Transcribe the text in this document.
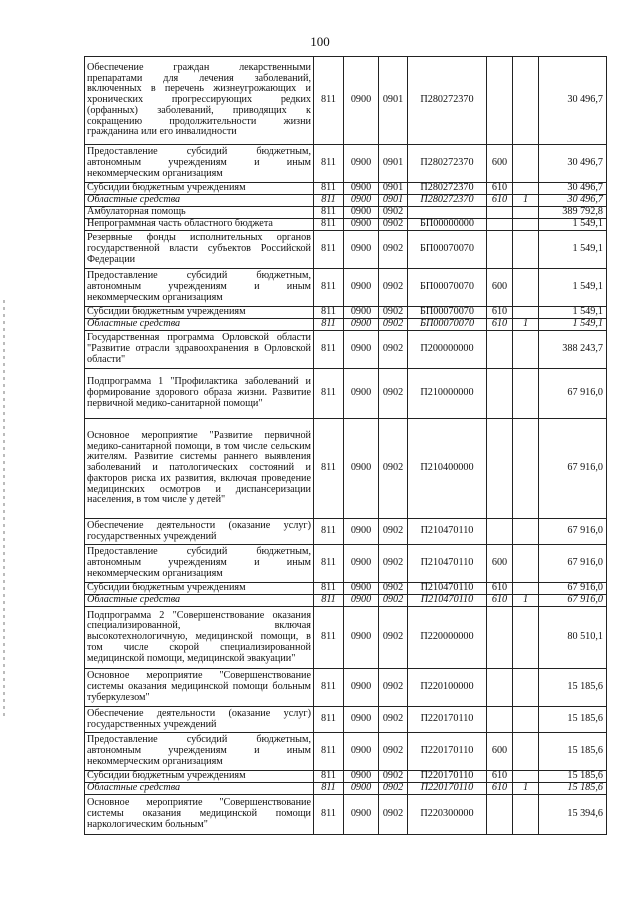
100
Обеспечение граждан лекарственными препаратами для лечения заболеваний, включенных в перечень жизнеугрожающих и хронических прогрессирующих редких (орфанных) заболеваний, приводящих к сокращению продолжительности жизни гражданина или его инвалидности	811	0900	0901	П280272370			30 496,7
Предоставление субсидий бюджетным, автономным учреждениям и иным некоммерческим организациям	811	0900	0901	П280272370	600		30 496,7
Субсидии бюджетным учреждениям	811	0900	0901	П280272370	610		30 496,7
Областные средства	811	0900	0901	П280272370	610	1	30 496,7
Амбулаторная помощь	811	0900	0902				389 792,8
Непрограммная часть областного бюджета	811	0900	0902	БП00000000			1 549,1
Резервные фонды исполнительных органов государственной власти субъектов Российской Федерации	811	0900	0902	БП00070070			1 549,1
Предоставление субсидий бюджетным, автономным учреждениям и иным некоммерческим организациям	811	0900	0902	БП00070070	600		1 549,1
Субсидии бюджетным учреждениям	811	0900	0902	БП00070070	610		1 549,1
Областные средства	811	0900	0902	БП00070070	610	1	1 549,1
Государственная программа Орловской области "Развитие отрасли здравоохранения в Орловской области"	811	0900	0902	П200000000			388 243,7
Подпрограмма 1 "Профилактика заболеваний и формирование здорового образа жизни. Развитие первичной медико-санитарной помощи"	811	0900	0902	П210000000			67 916,0
Основное мероприятие "Развитие первичной медико-санитарной помощи, в том числе сельским жителям. Развитие системы раннего выявления заболеваний и патологических состояний и факторов риска их развития, включая проведение медицинских осмотров и диспансеризации населения, в том числе у детей"	811	0900	0902	П210400000			67 916,0
Обеспечение деятельности (оказание услуг) государственных учреждений	811	0900	0902	П210470110			67 916,0
Предоставление субсидий бюджетным, автономным учреждениям и иным некоммерческим организациям	811	0900	0902	П210470110	600		67 916,0
Субсидии бюджетным учреждениям	811	0900	0902	П210470110	610		67 916,0
Областные средства	811	0900	0902	П210470110	610	1	67 916,0
Подпрограмма 2 "Совершенствование оказания специализированной, включая высокотехнологичную, медицинской помощи, в том числе скорой специализированной медицинской помощи, медицинской эвакуации"	811	0900	0902	П220000000			80 510,1
Основное мероприятие "Совершенствование системы оказания медицинской помощи больным туберкулезом"	811	0900	0902	П220100000			15 185,6
Обеспечение деятельности (оказание услуг) государственных учреждений	811	0900	0902	П220170110			15 185,6
Предоставление субсидий бюджетным, автономным учреждениям и иным некоммерческим организациям	811	0900	0902	П220170110	600		15 185,6
Субсидии бюджетным учреждениям	811	0900	0902	П220170110	610		15 185,6
Областные средства	811	0900	0902	П220170110	610	1	15 185,6
Основное мероприятие "Совершенствование системы оказания медицинской помощи наркологическим больным"	811	0900	0902	П220300000			15 394,6
